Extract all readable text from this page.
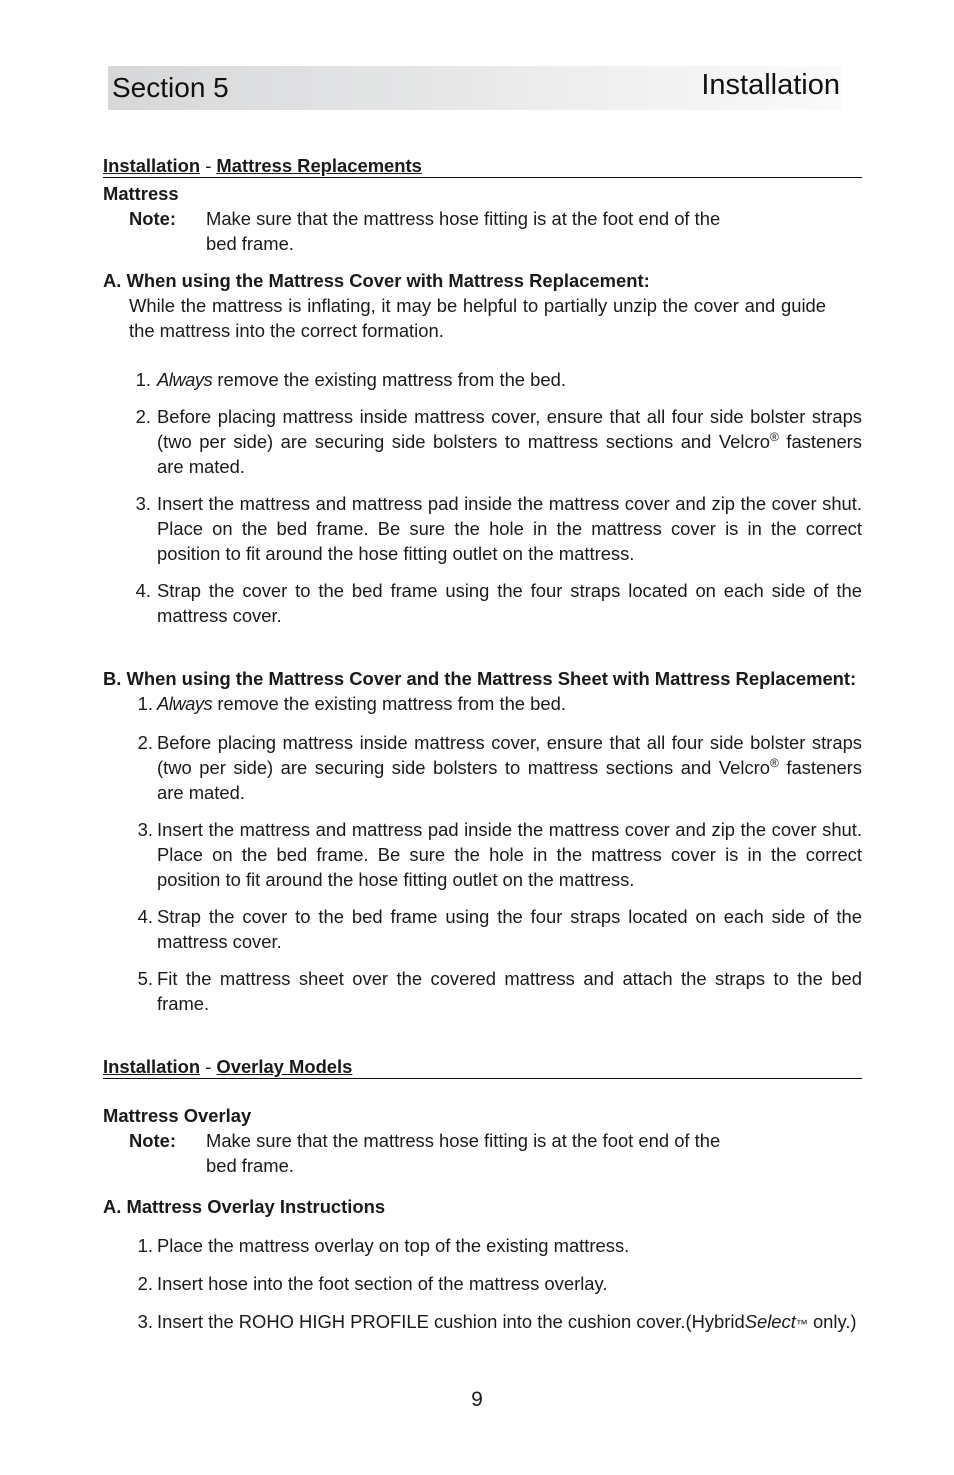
Section 5	Installation
Installation - Mattress Replacements
Mattress
Note:	Make sure that the mattress hose fitting is at the foot end of the
bed frame.
A. When using the Mattress Cover with Mattress Replacement:
While the mattress is inflating, it may be helpful to partially unzip the cover and guide the mattress into the correct formation.
1. Always remove the existing mattress from the bed.
2. Before placing mattress inside mattress cover, ensure that all four side bolster straps (two per side) are securing side bolsters to mattress sections and Velcro® fasteners are mated.
3. Insert the mattress and mattress pad inside the mattress cover and zip the cover shut. Place on the bed frame. Be sure the hole in the mattress cover is in the correct position to fit around the hose fitting outlet on the mattress.
4. Strap the cover to the bed frame using the four straps located on each side of the mattress cover.
B. When using the Mattress Cover and the Mattress Sheet with Mattress Replacement:
1. Always remove the existing mattress from the bed.
2. Before placing mattress inside mattress cover, ensure that all four side bolster straps (two per side) are securing side bolsters to mattress sections and Velcro® fasteners are mated.
3. Insert the mattress and mattress pad inside the mattress cover and zip the cover shut. Place on the bed frame. Be sure the hole in the mattress cover is in the correct position to fit around the hose fitting outlet on the mattress.
4. Strap the cover to the bed frame using the four straps located on each side of the mattress cover.
5. Fit the mattress sheet over the covered mattress and attach the straps to the bed frame.
Installation - Overlay Models
Mattress Overlay
Note:	Make sure that the mattress hose fitting is at the foot end of the
bed frame.
A. Mattress Overlay Instructions
1. Place the mattress overlay on top of the existing mattress.
2. Insert hose into the foot section of the mattress overlay.
3. Insert the ROHO HIGH PROFILE cushion into the cushion cover.(HybridSelect™ only.)
9
